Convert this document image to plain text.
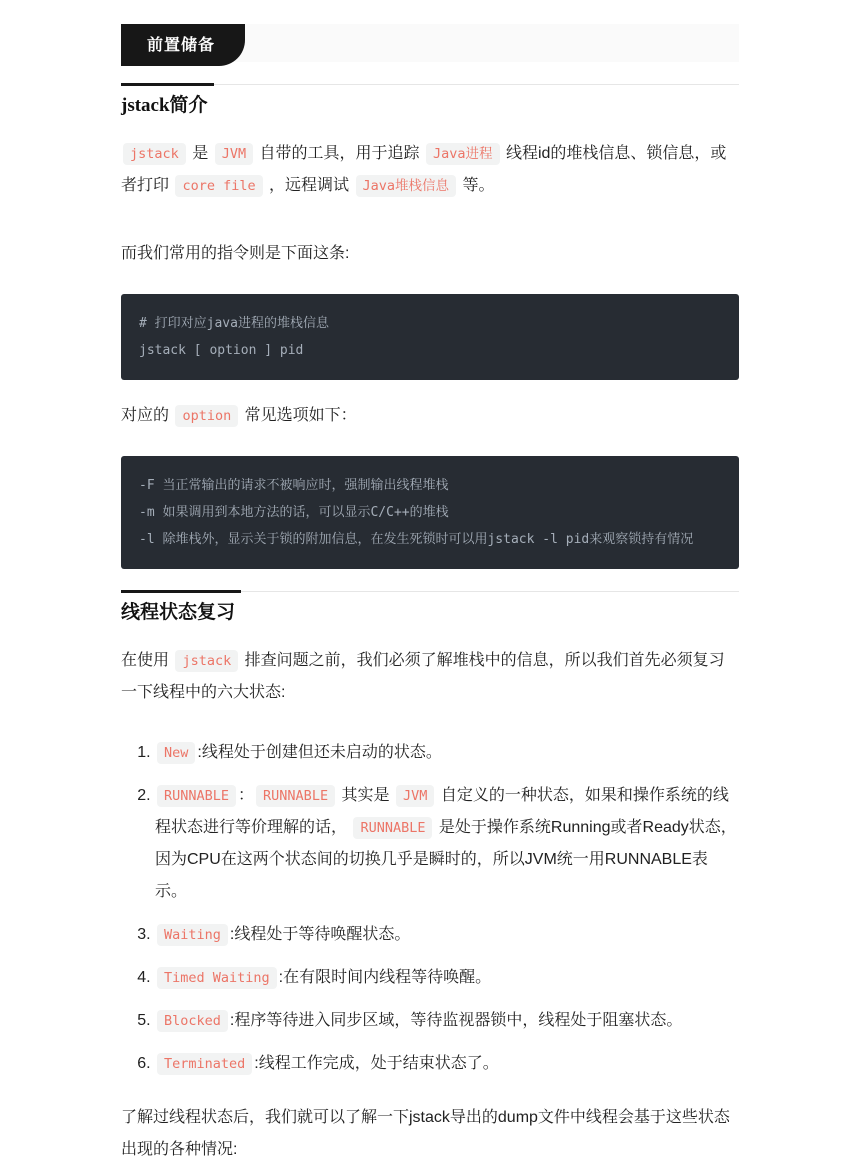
前置储备
jstack简介

jstack 是 JVM 自带的工具，用于追踪 Java进程 线程id的堆栈信息、锁信息，或者打印 core file ，远程调试 Java堆栈信息 等。

而我们常用的指令则是下面这条:

# 打印对应java进程的堆栈信息
jstack [ option ] pid

对应的 option 常见选项如下：

-F 当正常输出的请求不被响应时，强制输出线程堆栈
-m 如果调用到本地方法的话，可以显示C/C++的堆栈
-l 除堆栈外，显示关于锁的附加信息，在发生死锁时可以用jstack -l pid来观察锁持有情况
线程状态复习

在使用 jstack 排查问题之前，我们必须了解堆栈中的信息，所以我们首先必须复习一下线程中的六大状态:

1. New :线程处于创建但还未启动的状态。
2. RUNNABLE ： RUNNABLE 其实是 JVM 自定义的一种状态，如果和操作系统的线程状态进行等价理解的话， RUNNABLE 是处于操作系统Running或者Ready状态，因为CPU在这两个状态间的切换几乎是瞬时的，所以JVM统一用RUNNABLE表示。
3. Waiting :线程处于等待唤醒状态。
4. Timed Waiting :在有限时间内线程等待唤醒。
5. Blocked :程序等待进入同步区域，等待监视器锁中，线程处于阻塞状态。
6. Terminated :线程工作完成，处于结束状态了。

了解过线程状态后，我们就可以了解一下jstack导出的dump文件中线程会基于这些状态出现的各种情况:
